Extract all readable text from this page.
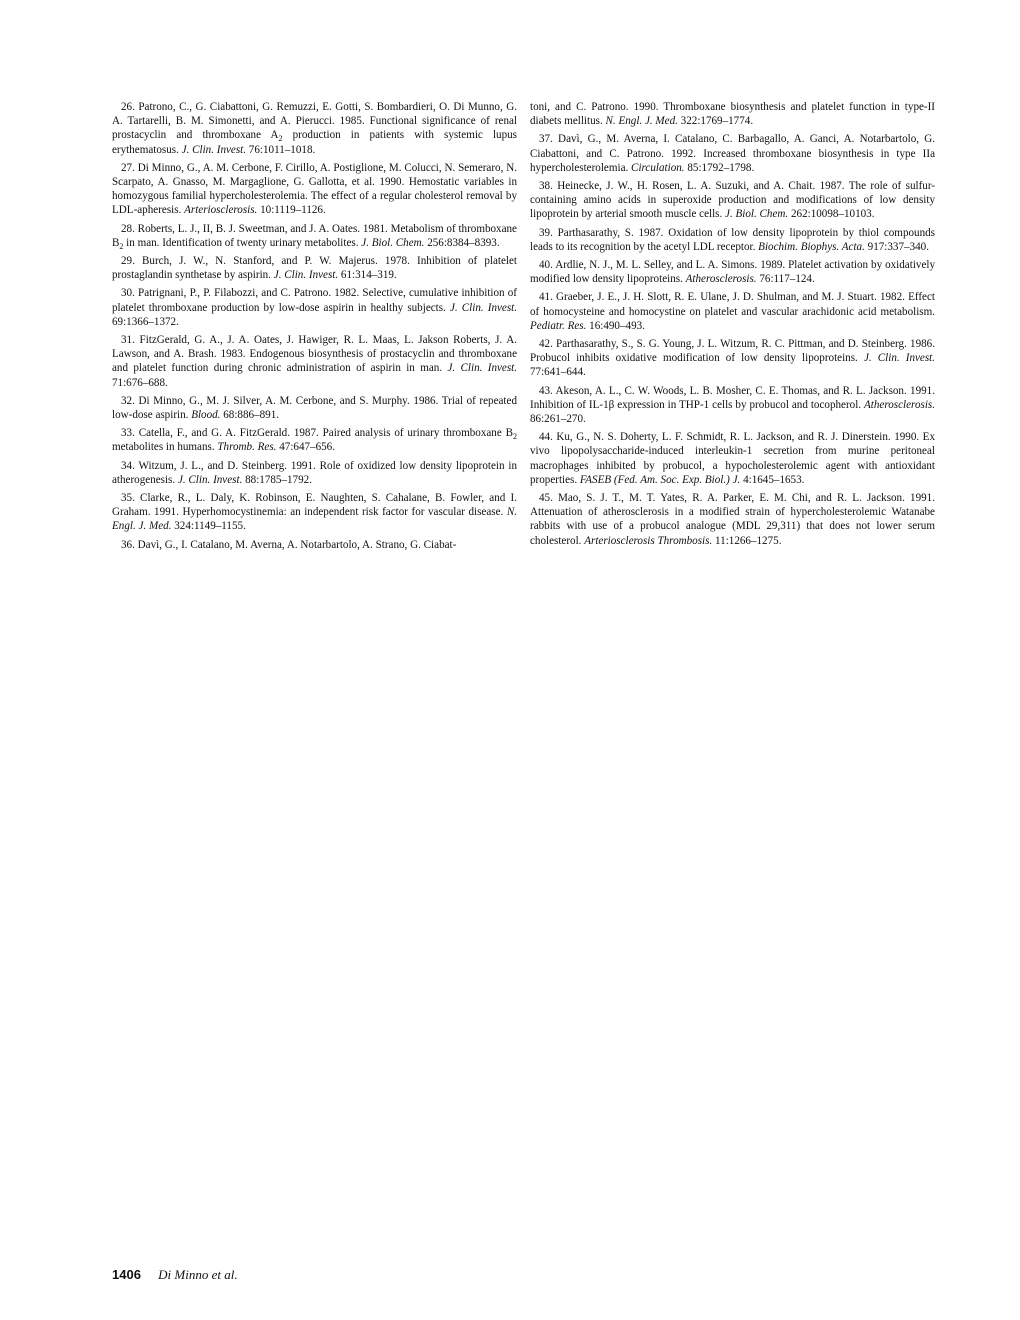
26. Patrono, C., G. Ciabattoni, G. Remuzzi, E. Gotti, S. Bombardieri, O. Di Munno, G. A. Tartarelli, B. M. Simonetti, and A. Pierucci. 1985. Functional significance of renal prostacyclin and thromboxane $A_2$ production in patients with systemic lupus erythematosus. J. Clin. Invest. 76:1011–1018.

27. Di Minno, G., A. M. Cerbone, F. Cirillo, A. Postiglione, M. Colucci, N. Semeraro, N. Scarpato, A. Gnasso, M. Margaglione, G. Gallotta, et al. 1990. Hemostatic variables in homozygous familial hypercholesterolemia. The effect of a regular cholesterol removal by LDL-apheresis. Arteriosclerosis. 10:1119–1126.

28. Roberts, L. J., II, B. J. Sweetman, and J. A. Oates. 1981. Metabolism of thromboxane $B_2$ in man. Identification of twenty urinary metabolites. J. Biol. Chem. 256:8384–8393.

29. Burch, J. W., N. Stanford, and P. W. Majerus. 1978. Inhibition of platelet prostaglandin synthetase by aspirin. J. Clin. Invest. 61:314–319.

30. Patrignani, P., P. Filabozzi, and C. Patrono. 1982. Selective, cumulative inhibition of platelet thromboxane production by low-dose aspirin in healthy subjects. J. Clin. Invest. 69:1366–1372.

31. FitzGerald, G. A., J. A. Oates, J. Hawiger, R. L. Maas, L. Jakson Roberts, J. A. Lawson, and A. Brash. 1983. Endogenous biosynthesis of prostacyclin and thromboxane and platelet function during chronic administration of aspirin in man. J. Clin. Invest. 71:676–688.

32. Di Minno, G., M. J. Silver, A. M. Cerbone, and S. Murphy. 1986. Trial of repeated low-dose aspirin. Blood. 68:886–891.

33. Catella, F., and G. A. FitzGerald. 1987. Paired analysis of urinary thromboxane $B_2$ metabolites in humans. Thromb. Res. 47:647–656.

34. Witzum, J. L., and D. Steinberg. 1991. Role of oxidized low density lipoprotein in atherogenesis. J. Clin. Invest. 88:1785–1792.

35. Clarke, R., L. Daly, K. Robinson, E. Naughten, S. Cahalane, B. Fowler, and I. Graham. 1991. Hyperhomocystinemia: an independent risk factor for vascular disease. N. Engl. J. Med. 324:1149–1155.

36. Davì, G., I. Catalano, M. Averna, A. Notarbartolo, A. Strano, G. Ciabat-

toni, and C. Patrono. 1990. Thromboxane biosynthesis and platelet function in type-II diabets mellitus. N. Engl. J. Med. 322:1769–1774.

37. Davì, G., M. Averna, I. Catalano, C. Barbagallo, A. Ganci, A. Notarbartolo, G. Ciabattoni, and C. Patrono. 1992. Increased thromboxane biosynthesis in type IIa hypercholesterolemia. Circulation. 85:1792–1798.

38. Heinecke, J. W., H. Rosen, L. A. Suzuki, and A. Chait. 1987. The role of sulfur-containing amino acids in superoxide production and modifications of low density lipoprotein by arterial smooth muscle cells. J. Biol. Chem. 262:10098–10103.

39. Parthasarathy, S. 1987. Oxidation of low density lipoprotein by thiol compounds leads to its recognition by the acetyl LDL receptor. Biochim. Biophys. Acta. 917:337–340.

40. Ardlie, N. J., M. L. Selley, and L. A. Simons. 1989. Platelet activation by oxidatively modified low density lipoproteins. Atherosclerosis. 76:117–124.

41. Graeber, J. E., J. H. Slott, R. E. Ulane, J. D. Shulman, and M. J. Stuart. 1982. Effect of homocysteine and homocystine on platelet and vascular arachidonic acid metabolism. Pediatr. Res. 16:490–493.

42. Parthasarathy, S., S. G. Young, J. L. Witzum, R. C. Pittman, and D. Steinberg. 1986. Probucol inhibits oxidative modification of low density lipoproteins. J. Clin. Invest. 77:641–644.

43. Akeson, A. L., C. W. Woods, L. B. Mosher, C. E. Thomas, and R. L. Jackson. 1991. Inhibition of IL-1β expression in THP-1 cells by probucol and tocopherol. Atherosclerosis. 86:261–270.

44. Ku, G., N. S. Doherty, L. F. Schmidt, R. L. Jackson, and R. J. Dinerstein. 1990. Ex vivo lipopolysaccharide-induced interleukin-1 secretion from murine peritoneal macrophages inhibited by probucol, a hypocholesterolemic agent with antioxidant properties. FASEB (Fed. Am. Soc. Exp. Biol.) J. 4:1645–1653.

45. Mao, S. J. T., M. T. Yates, R. A. Parker, E. M. Chi, and R. L. Jackson. 1991. Attenuation of atherosclerosis in a modified strain of hypercholesterolemic Watanabe rabbits with use of a probucol analogue (MDL 29,311) that does not lower serum cholesterol. Arteriosclerosis Thrombosis. 11:1266–1275.

1406 Di Minno et al.
